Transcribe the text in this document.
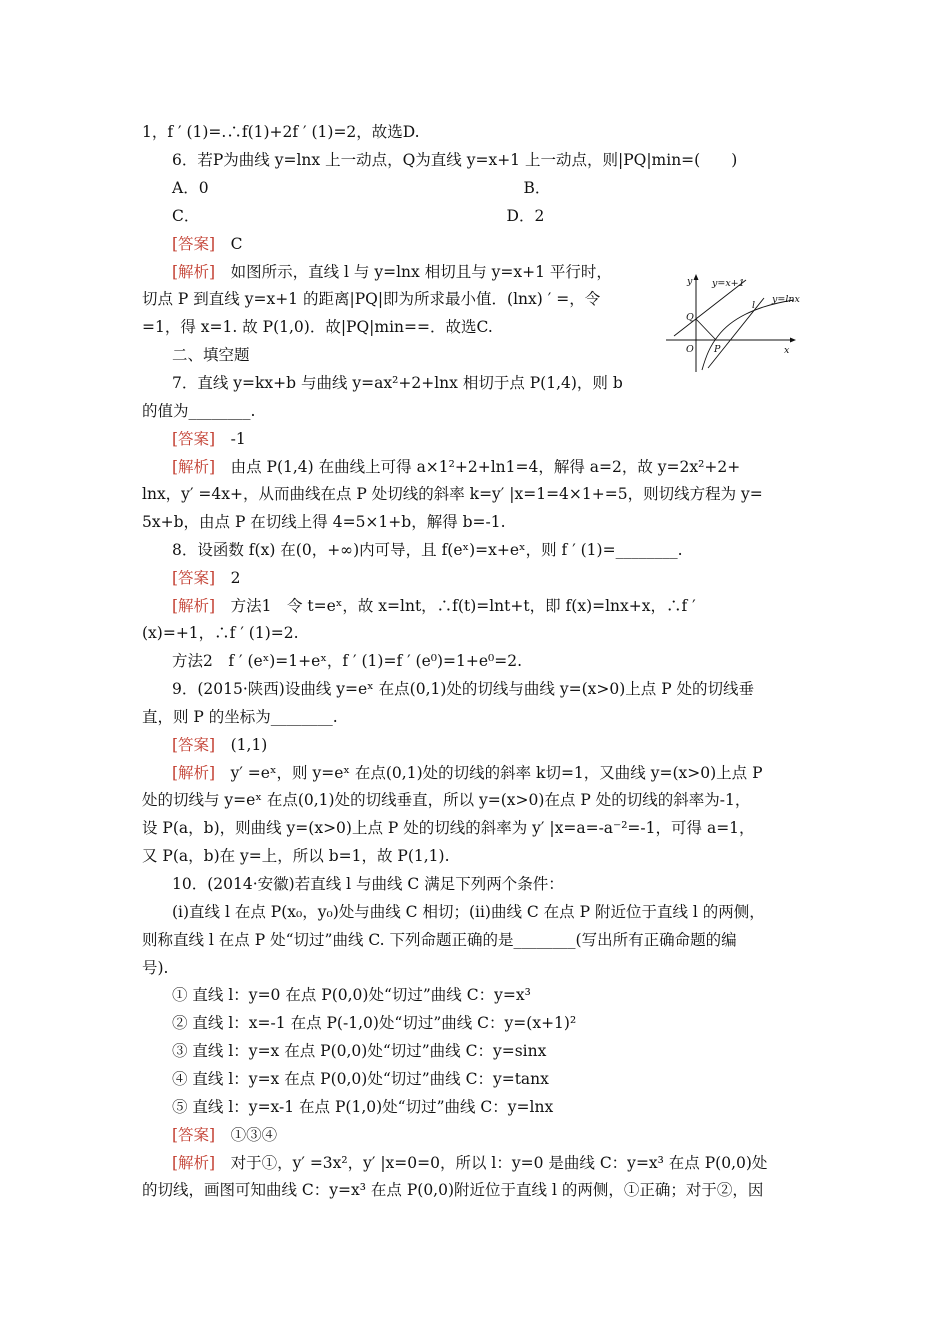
1，f ′ (1)=.∴f(1)+2f ′ (1)=2，故选D.
6．若P为曲线 y=lnx 上一动点，Q为直线 y=x+1 上一动点，则|PQ|min=(　　)
A．0　　　　　　　　　　　　　　　　　　　　 B．
C．　　　　　　　　　　　　　　　　　　　　 D．2
[答案]　C
[解析]　如图所示，直线 l 与 y=lnx 相切且与 y=x+1 平行时，
切点 P 到直线 y=x+1 的距离|PQ|即为所求最小值．(lnx) ′ =，令
=1，得 x=1. 故 P(1,0)．故|PQ|min==．故选C.
二、填空题
7．直线 y=kx+b 与曲线 y=ax²+2+lnx 相切于点 P(1,4)，则 b
的值为________.
[答案]　-1
[解析]　由点 P(1,4) 在曲线上可得 a×1²+2+ln1=4，解得 a=2，故 y=2x²+2+
lnx，y′ =4x+，从而曲线在点 P 处切线的斜率 k=y′ |x=1=4×1+=5，则切线方程为 y=
5x+b，由点 P 在切线上得 4=5×1+b，解得 b=-1.
8．设函数 f(x) 在(0，+∞)内可导，且 f(eˣ)=x+eˣ，则 f ′ (1)=________.
[答案]　2
[解析]　方法1　令 t=eˣ，故 x=lnt，∴f(t)=lnt+t，即 f(x)=lnx+x，∴f ′
(x)=+1，∴f ′ (1)=2.
方法2　f ′ (eˣ)=1+eˣ，f ′ (1)=f ′ (e⁰)=1+e⁰=2.
9．(2015·陕西)设曲线 y=eˣ 在点(0,1)处的切线与曲线 y=(x>0)上点 P 处的切线垂
直，则 P 的坐标为________.
[答案]　(1,1)
[解析]　y′ =eˣ，则 y=eˣ 在点(0,1)处的切线的斜率 k切=1，又曲线 y=(x>0)上点 P
处的切线与 y=eˣ 在点(0,1)处的切线垂直，所以 y=(x>0)在点 P 处的切线的斜率为-1，
设 P(a，b)，则曲线 y=(x>0)上点 P 处的切线的斜率为 y′ |x=a=-a⁻²=-1，可得 a=1，
又 P(a，b)在 y=上，所以 b=1，故 P(1,1).
10．(2014·安徽)若直线 l 与曲线 C 满足下列两个条件：
(ⅰ)直线 l 在点 P(x₀，y₀)处与曲线 C 相切；(ⅱ)曲线 C 在点 P 附近位于直线 l 的两侧，
则称直线 l 在点 P 处“切过”曲线 C. 下列命题正确的是________(写出所有正确命题的编
号).
① 直线 l：y=0 在点 P(0,0)处“切过”曲线 C：y=x³
② 直线 l：x=-1 在点 P(-1,0)处“切过”曲线 C：y=(x+1)²
③ 直线 l：y=x 在点 P(0,0)处“切过”曲线 C：y=sinx
④ 直线 l：y=x 在点 P(0,0)处“切过”曲线 C：y=tanx
⑤ 直线 l：y=x-1 在点 P(1,0)处“切过”曲线 C：y=lnx
[答案]　①③④
[解析]　对于①，y′ =3x²，y′ |x=0=0，所以 l：y=0 是曲线 C：y=x³ 在点 P(0,0)处
的切线，画图可知曲线 C：y=x³ 在点 P(0,0)附近位于直线 l 的两侧，①正确；对于②，因
y y=x+1
y=lnx
l
Q
O P	x
